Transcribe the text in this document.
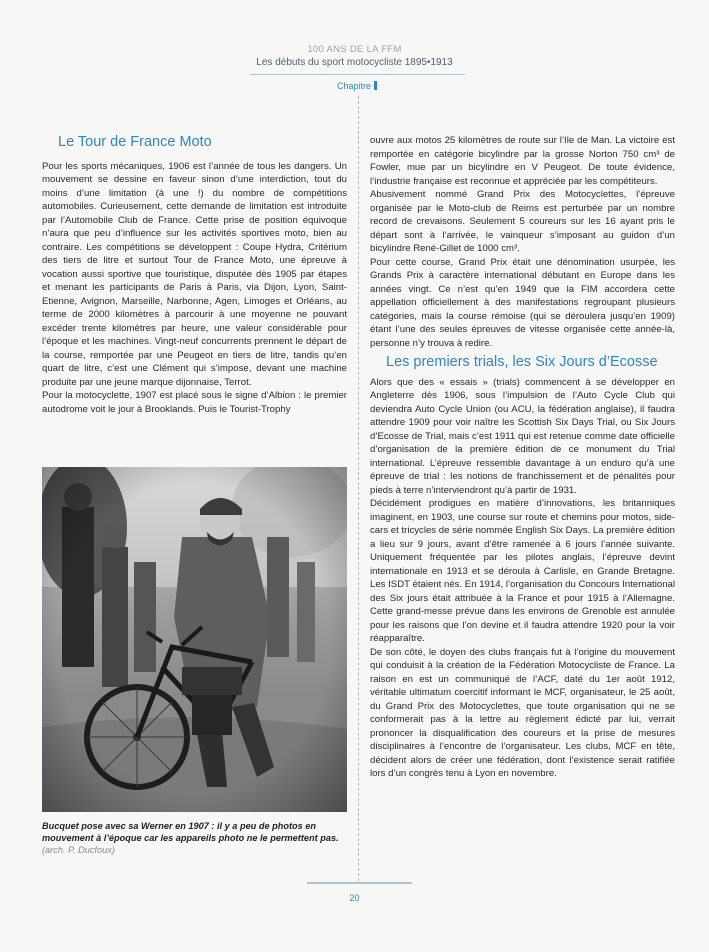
100 ANS DE LA FFM
Les débuts du sport motocycliste 1895•1913
Chapitre
Le Tour de France Moto

Pour les sports mécaniques, 1906 est l’année de tous les dangers. Un mouvement se dessine en faveur sinon d’une interdiction, tout du moins d’une limitation (à une !) du nombre de compétitions automobiles. Curieusement, cette demande de limitation est introduite par l’Automobile Club de France. Cette prise de position équivoque n’aura que peu d’influence sur les activités sportives moto, bien au contraire. Les compétitions se développent : Coupe Hydra, Critérium des tiers de litre et surtout Tour de France Moto, une épreuve à vocation aussi sportive que touristique, disputée dès 1905 par étapes et menant les participants de Paris à Paris, via Dijon, Lyon, Saint-Etienne, Avignon, Marseille, Narbonne, Agen, Limoges et Orléans, au terme de 2000 kilomètres à parcourir à une moyenne ne pouvant excéder trente kilomètres par heure, une valeur considérable pour l’époque et les machines. Vingt-neuf concurrents prennent le départ de la course, remportée par une Peugeot en tiers de litre, tandis qu’en quart de litre, c’est une Clément qui s’impose, devant une machine produite par une jeune marque dijonnaise, Terrot.

Pour la motocyclette, 1907 est placé sous le signe d’Albion : le premier autodrome voit le jour à Brooklands. Puis le Tourist-Trophy

Bucquet pose avec sa Werner en 1907 : il y a peu de photos en mouvement à l’époque car les appareils photo ne le permettent pas. (arch. P. Ducfoux)

ouvre aux motos 25 kilomètres de route sur l’Ile de Man. La victoire est remportée en catégorie bicylindre par la grosse Norton 750 cm³ de Fowler, mue par un bicylindre en V Peugeot. De toute évidence, l’industrie française est reconnue et appréciée par les compétiteurs.

Abusivement nommé Grand Prix des Motocyclettes, l’épreuve organisée par le Moto-club de Reims est perturbée par un nombre record de crevaisons. Seulement 5 coureurs sur les 16 ayant pris le départ sont à l’arrivée, le vainqueur s’imposant au guidon d’un bicylindre René-Gillet de 1000 cm³.

Pour cette course, Grand Prix était une dénomination usurpée, les Grands Prix à caractère international débutant en Europe dans les années vingt. Ce n’est qu’en 1949 que la FIM accordera cette appellation officiellement à des manifestations regroupant plusieurs catégories, mais la course rémoise (qui se déroulera jusqu’en 1909) étant l’une des seules épreuves de vitesse organisée cette année-là, personne n’y trouva à redire.

Les premiers trials, les Six Jours d’Ecosse

Alors que des « essais » (trials) commencent à se développer en Angleterre dès 1906, sous l’impulsion de l’Auto Cycle Club qui deviendra Auto Cycle Union (ou ACU, la fédération anglaise), il faudra attendre 1909 pour voir naître les Scottish Six Days Trial, ou Six Jours d’Ecosse de Trial, mais c’est 1911 qui est retenue comme date officielle d’organisation de la première édition de ce monument du Trial international. L’épreuve ressemble davantage à un enduro qu’à une épreuve de trial : les notions de franchissement et de pénalités pour pieds à terre n’interviendront qu’à partir de 1931.

Décidément prodigues en matière d’innovations, les britanniques imaginent, en 1903, une course sur route et chemins pour motos, side-cars et tricycles de série nommée English Six Days. La première édition a lieu sur 9 jours, avant d’être ramenée à 6 jours l’année suivante. Uniquement fréquentée par les pilotes anglais, l’épreuve devint internationale en 1913 et se déroula à Carlisle, en Grande Bretagne. Les ISDT étaient nés. En 1914, l’organisation du Concours International des Six jours était attribuée à la France et pour 1915 à l’Allemagne. Cette grand-messe prévue dans les environs de Grenoble est annulée pour les raisons que l’on devine et il faudra attendre 1920 pour la voir réapparaître.

De son côté, le doyen des clubs français fut à l’origine du mouvement qui conduisit à la création de la Fédération Motocycliste de France. La raison en est un communiqué de l’ACF, daté du 1er août 1912, véritable ultimatum coercitif informant le MCF, organisateur, le 25 août, du Grand Prix des Motocyclettes, que toute organisation qui ne se conformerait pas à la lettre au règlement édicté par lui, verrait prononcer la disqualification des coureurs et la prise de mesures disciplinaires à l’encontre de l’organisateur. Les clubs, MCF en tête, décident alors de créer une fédération, dont l’existence serait ratifiée lors d’un congrès tenu à Lyon en novembre.

20
